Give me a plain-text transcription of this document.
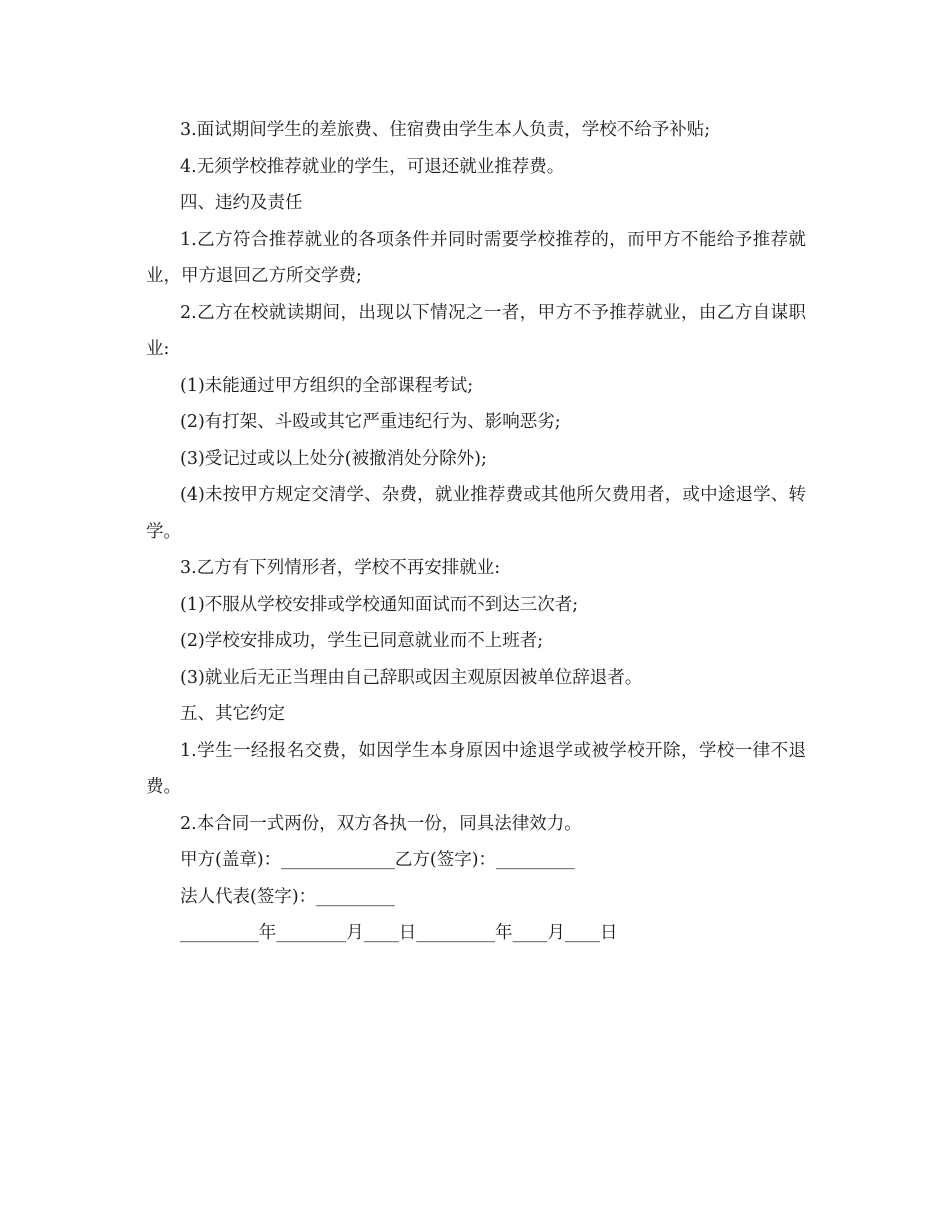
3.面试期间学生的差旅费、住宿费由学生本人负责，学校不给予补贴;

4.无须学校推荐就业的学生，可退还就业推荐费。

四、违约及责任

1.乙方符合推荐就业的各项条件并同时需要学校推荐的，而甲方不能给予推荐就业，甲方退回乙方所交学费;

2.乙方在校就读期间，出现以下情况之一者，甲方不予推荐就业，由乙方自谋职业:

(1)未能通过甲方组织的全部课程考试;

(2)有打架、斗殴或其它严重违纪行为、影响恶劣;

(3)受记过或以上处分(被撤消处分除外);

(4)未按甲方规定交清学、杂费，就业推荐费或其他所欠费用者，或中途退学、转学。

3.乙方有下列情形者，学校不再安排就业:

(1)不服从学校安排或学校通知面试而不到达三次者;

(2)学校安排成功，学生已同意就业而不上班者;

(3)就业后无正当理由自己辞职或因主观原因被单位辞退者。

五、其它约定

1.学生一经报名交费，如因学生本身原因中途退学或被学校开除，学校一律不退费。

2.本合同一式两份，双方各执一份，同具法律效力。

甲方(盖章)：_____________乙方(签字)：_________

法人代表(签字)：_________

_________年________月____日_________年____月____日
